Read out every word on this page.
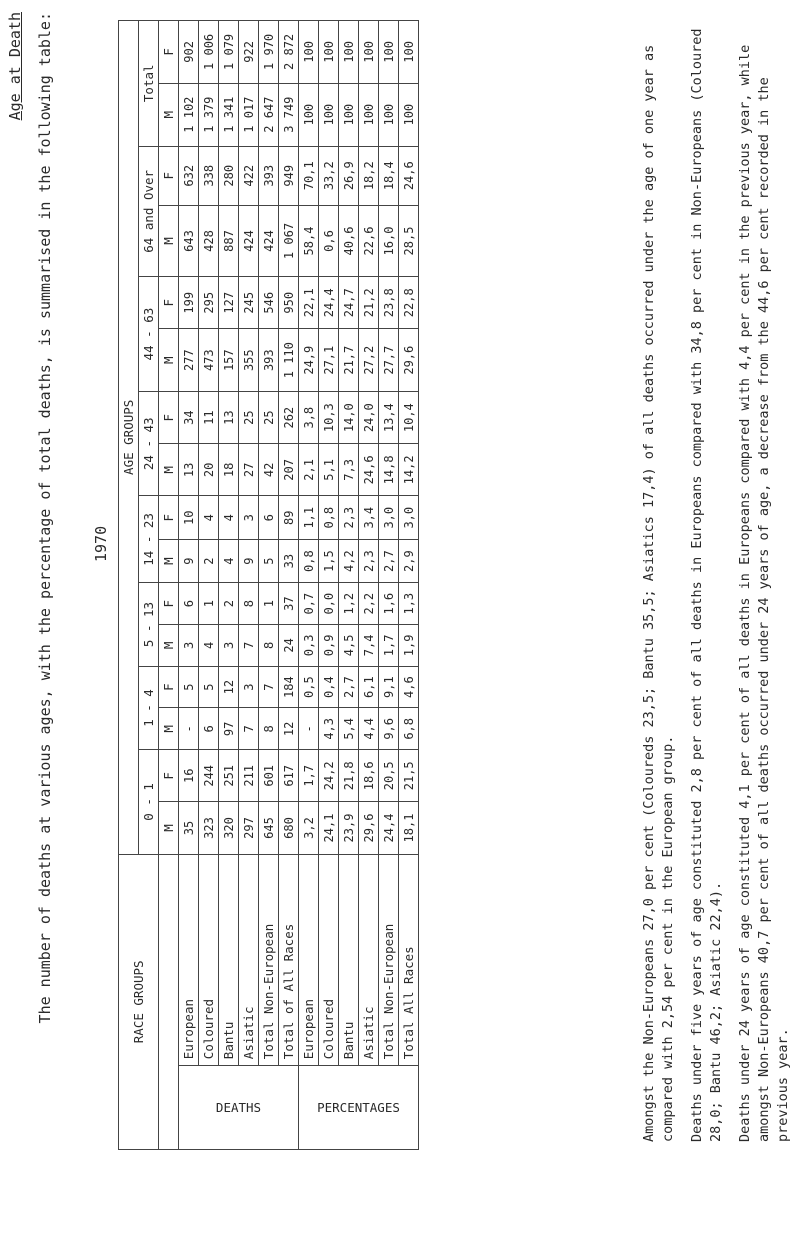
Age at Death The number of deaths at various ages, with the percentage of total deaths, is summarised in the following table:	1970
RACE GROUPS		AGE GROUPS															
		0 - 1		1 - 4		5 - 13		14 - 23		24 - 43		44 - 63		64 and Over		Total	
		M	F	M	F	M	F	M	F	M	F	M	F	M	F	M	F
DEATHS	European	35	16	-	5	3	6	9	10	13	34	277	199	643	632	1 102	902
	Coloured	323	244	6	5	4	1	2	4	20	11	473	295	428	338	1 379	1 006
	Bantu	320	251	97	12	3	2	4	4	18	13	157	127	887	280	1 341	1 079
	Asiatic	297	211	7	3	7	8	9	3	27	25	355	245	424	422	1 017	922
	Total Non-European	645	601	8	7	8	1	5	6	42	25	393	546	424	393	2 647	1 970
	Total of All Races	680	617	12	184	24	37	33	89	207	262	1 110	950	1 067	949	3 749	2 872
PERCENTAGES	European	3,2	1,7	-	0,5	0,3	0,7	0,8	1,1	2,1	3,8	24,9	22,1	58,4	70,1	100	100
	Coloured	24,1	24,2	4,3	0,4	0,9	0,0	1,5	0,8	5,1	10,3	27,1	24,4	0,6	33,2	100	100
	Bantu	23,9	21,8	5,4	2,7	4,5	1,2	4,2	2,3	7,3	14,0	21,7	24,7	40,6	26,9	100	100
	Asiatic	29,6	18,6	4,4	6,1	7,4	2,2	2,3	3,4	24,6	24,0	27,2	21,2	22,6	18,2	100	100
	Total Non-European	24,4	20,5	9,6	9,1	1,7	1,6	2,7	3,0	14,8	13,4	27,7	23,8	16,0	18,4	100	100
	Total All Races	18,1	21,5	6,8	4,6	1,9	1,3	2,9	3,0	14,2	10,4	29,6	22,8	28,5	24,6	100	100	Amongst the Non-Europeans 27,0 per cent (Coloureds 23,5; Bantu 35,5; Asiatics 17,4) of all deaths occurred under the age of one year as compared with 2,54 per cent in the European group. Deaths under five years of age constituted 2,8 per cent of all deaths in Europeans compared with 34,8 per cent in Non-Europeans (Coloured 28,0; Bantu 46,2; Asiatic 22,4). Deaths under 24 years of age constituted 4,1 per cent of all deaths in Europeans compared with 4,4 per cent in the previous year, while amongst Non-Europeans 40,7 per cent of all deaths occurred under 24 years of age, a decrease from the 44,6 per cent recorded in the previous year.
